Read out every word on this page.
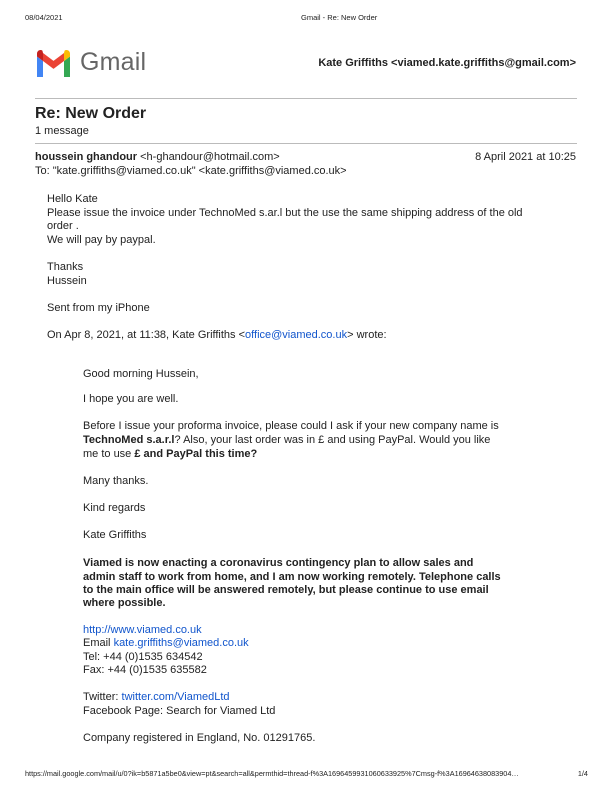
08/04/2021	Gmail - Re: New Order
Gmail	Kate Griffiths <viamed.kate.griffiths@gmail.com>
Re: New Order
1 message
houssein ghandour <h-ghandour@hotmail.com>	8 April 2021 at 10:25
To: "kate.griffiths@viamed.co.uk" <kate.griffiths@viamed.co.uk>
Hello Kate
Please issue the invoice under TechnoMed s.ar.l but the use the same shipping address of the old
order .
We will pay by paypal.
Thanks
Hussein
Sent from my iPhone
On Apr 8, 2021, at 11:38, Kate Griffiths <office@viamed.co.uk> wrote:
Good morning Hussein,
I hope you are well.
Before I issue your proforma invoice, please could I ask if your new company name is
TechnoMed s.a.r.l? Also, your last order was in £ and using PayPal. Would you like
me to use £ and PayPal this time?
Many thanks.
Kind regards
Kate Griffiths
Viamed is now enacting a coronavirus contingency plan to allow sales and
admin staff to work from home, and I am now working remotely. Telephone calls
to the main office will be answered remotely, but please continue to use email
where possible.
http://www.viamed.co.uk
Email kate.griffiths@viamed.co.uk
Tel: +44 (0)1535 634542
Fax: +44 (0)1535 635582
Twitter: twitter.com/ViamedLtd
Facebook Page: Search for Viamed Ltd
Company registered in England, No. 01291765.
https://mail.google.com/mail/u/0?ik=b5871a5be0&view=pt&search=all&permthid=thread-f%3A1696459931060633925%7Cmsg-f%3A16964638083904…	1/4
